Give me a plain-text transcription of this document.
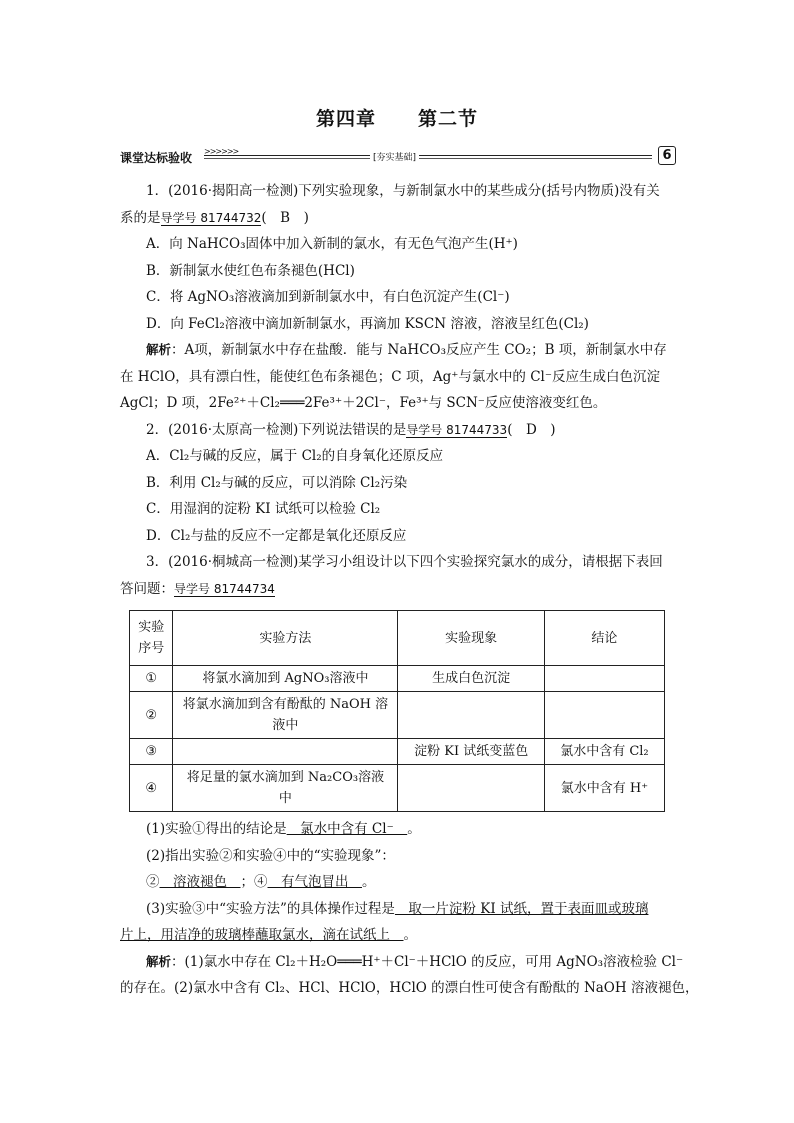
第四章 第二节
课堂达标验收 >>>>>>
[夯实基础]	6

1．(2016·揭阳高一检测)下列实验现象，与新制氯水中的某些成分(括号内物质)没有关

系的是导学号 81744732(　B　)

A．向 NaHCO₃固体中加入新制的氯水，有无色气泡产生(H⁺)

B．新制氯水使红色布条褪色(HCl)

C．将 AgNO₃溶液滴加到新制氯水中，有白色沉淀产生(Cl⁻)

D．向 FeCl₂溶液中滴加新制氯水，再滴加 KSCN 溶液，溶液呈红色(Cl₂)

解析：A项，新制氯水中存在盐酸．能与 NaHCO₃反应产生 CO₂；B 项，新制氯水中存

在 HClO，具有漂白性，能使红色布条褪色；C 项，Ag⁺与氯水中的 Cl⁻反应生成白色沉淀

AgCl；D 项，2Fe²⁺＋Cl₂═══2Fe³⁺＋2Cl⁻，Fe³⁺与 SCN⁻反应使溶液变红色。

2．(2016·太原高一检测)下列说法错误的是导学号 81744733(　D　)

A．Cl₂与碱的反应，属于 Cl₂的自身氧化还原反应

B．利用 Cl₂与碱的反应，可以消除 Cl₂污染

C．用湿润的淀粉 KI 试纸可以检验 Cl₂

D．Cl₂与盐的反应不一定都是氧化还原反应

3．(2016·桐城高一检测)某学习小组设计以下四个实验探究氯水的成分，请根据下表回

答问题：导学号 81744734

实验
序号	实验方法	实验现象	结论
①	将氯水滴加到 AgNO₃溶液中	生成白色沉淀	
②	将氯水滴加到含有酚酞的 NaOH 溶
液中		
③		淀粉 KI 试纸变蓝色	氯水中含有 Cl₂
④	将足量的氯水滴加到 Na₂CO₃溶液
中		氯水中含有 H⁺

(1)实验①得出的结论是　氯水中含有 Cl⁻　。

(2)指出实验②和实验④中的“实验现象”：

②　溶液褪色　；④　有气泡冒出　。

(3)实验③中“实验方法”的具体操作过程是　取一片淀粉 KI 试纸，置于表面皿或玻璃

片上，用洁净的玻璃棒蘸取氯水，滴在试纸上　。

解析：(1)氯水中存在 Cl₂＋H₂O═══H⁺＋Cl⁻＋HClO 的反应，可用 AgNO₃溶液检验 Cl⁻

的存在。(2)氯水中含有 Cl₂、HCl、HClO，HClO 的漂白性可使含有酚酞的 NaOH 溶液褪色，
